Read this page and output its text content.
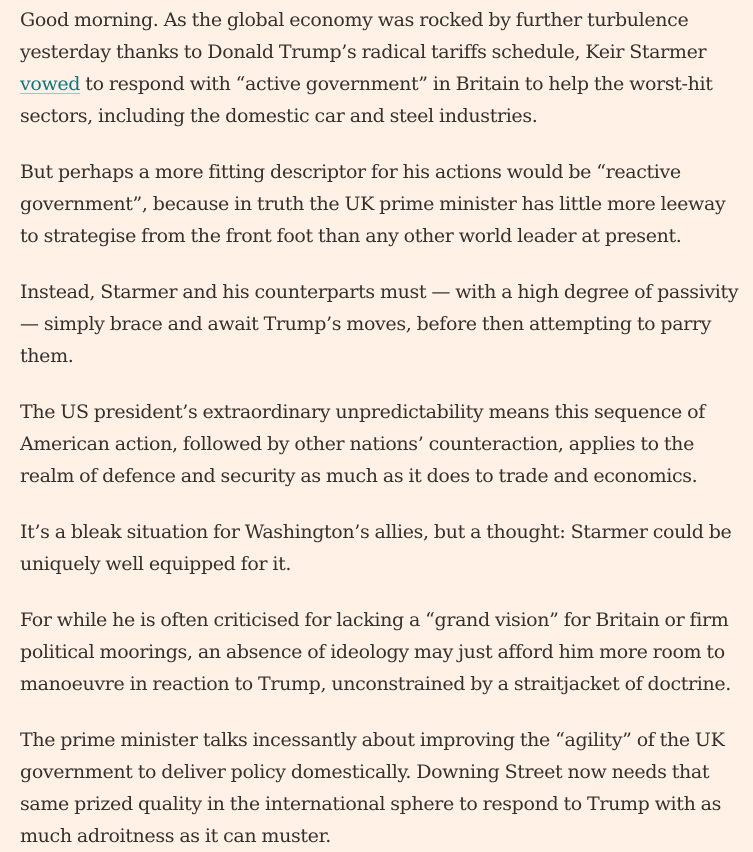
Good morning. As the global economy was rocked by further turbulence yesterday thanks to Donald Trump’s radical tariffs schedule, Keir Starmer vowed to respond with “active government” in Britain to help the worst-hit sectors, including the domestic car and steel industries.

But perhaps a more fitting descriptor for his actions would be “reactive government”, because in truth the UK prime minister has little more leeway to strategise from the front foot than any other world leader at present.

Instead, Starmer and his counterparts must — with a high degree of passivity — simply brace and await Trump’s moves, before then attempting to parry them.

The US president’s extraordinary unpredictability means this sequence of American action, followed by other nations’ counteraction, applies to the realm of defence and security as much as it does to trade and economics.

It’s a bleak situation for Washington’s allies, but a thought: Starmer could be uniquely well equipped for it.

For while he is often criticised for lacking a “grand vision” for Britain or firm political moorings, an absence of ideology may just afford him more room to manoeuvre in reaction to Trump, unconstrained by a straitjacket of doctrine.

The prime minister talks incessantly about improving the “agility” of the UK government to deliver policy domestically. Downing Street now needs that same prized quality in the international sphere to respond to Trump with as much adroitness as it can muster.
